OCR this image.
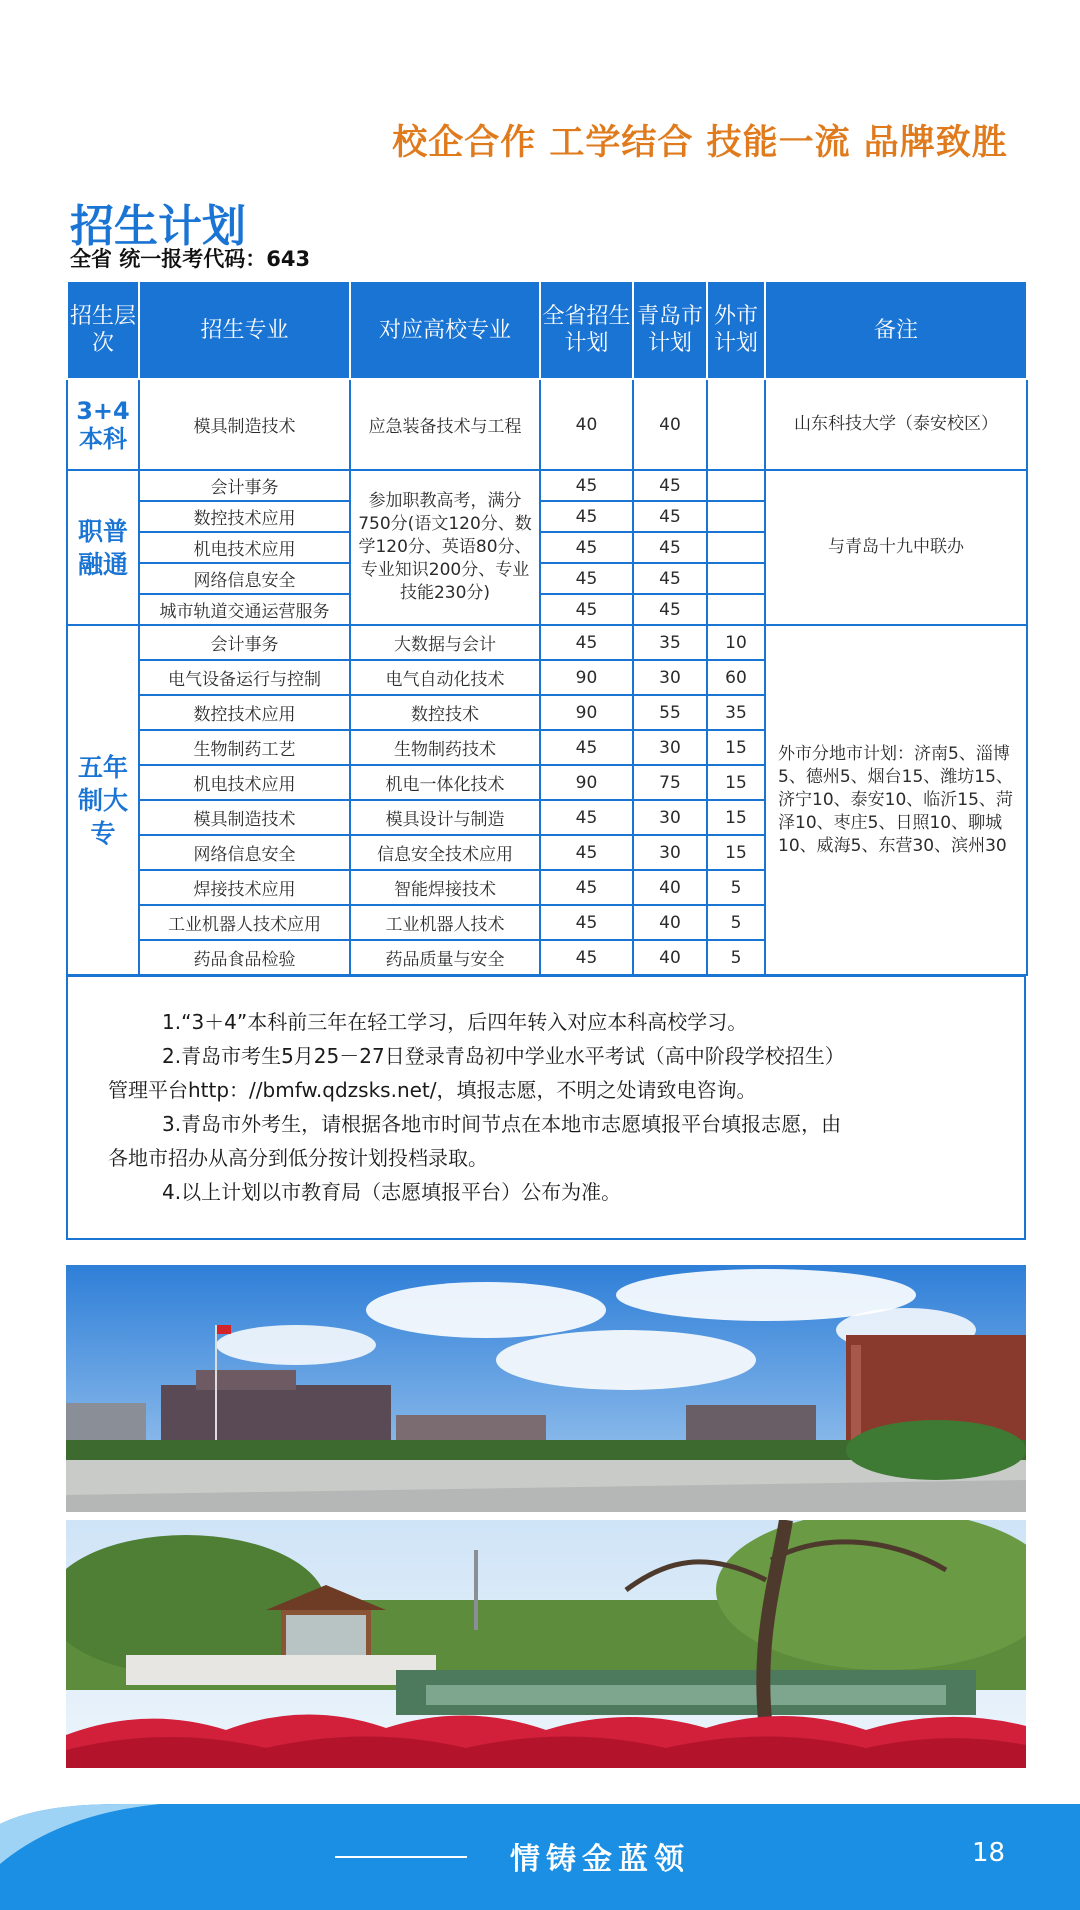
校企合作 工学结合 技能一流 品牌致胜
招生计划
全省 统一报考代码：643
招生层次	招生专业	对应高校专业	全省招生计划	青岛市计划	外市计划	备注
3+4本科	模具制造技术	应急装备技术与工程	40	40		山东科技大学（泰安校区）
职普融通	会计事务	参加职教高考，满分750分(语文120分、数学120分、英语80分、专业知识200分、专业技能230分)	45	45		与青岛十九中联办
	数控技术应用		45	45		
	机电技术应用		45	45		
	网络信息安全		45	45		
	城市轨道交通运营服务		45	45		
五年制大专	会计事务	大数据与会计	45	35	10	外市分地市计划：济南5、淄博5、德州5、烟台15、潍坊15、济宁10、泰安10、临沂15、菏泽10、枣庄5、日照10、聊城10、威海5、东营30、滨州30
	电气设备运行与控制	电气自动化技术	90	30	60	
	数控技术应用	数控技术	90	55	35	
	生物制药工艺	生物制药技术	45	30	15	
	机电技术应用	机电一体化技术	90	75	15	
	模具制造技术	模具设计与制造	45	30	15	
	网络信息安全	信息安全技术应用	45	30	15	
	焊接技术应用	智能焊接技术	45	40	5	
	工业机器人技术应用	工业机器人技术	45	40	5	
	药品食品检验	药品质量与安全	45	40	5	

1.“3＋4”本科前三年在轻工学习，后四年转入对应本科高校学习。

2.青岛市考生5月25－27日登录青岛初中学业水平考试（高中阶段学校招生）

管理平台http：//bmfw.qdzsks.net/，填报志愿，不明之处请致电咨询。

3.青岛市外考生，请根据各地市时间节点在本地市志愿填报平台填报志愿，由

各地市招办从高分到低分按计划投档录取。

4.以上计划以市教育局（志愿填报平台）公布为准。

情铸金蓝领	18
